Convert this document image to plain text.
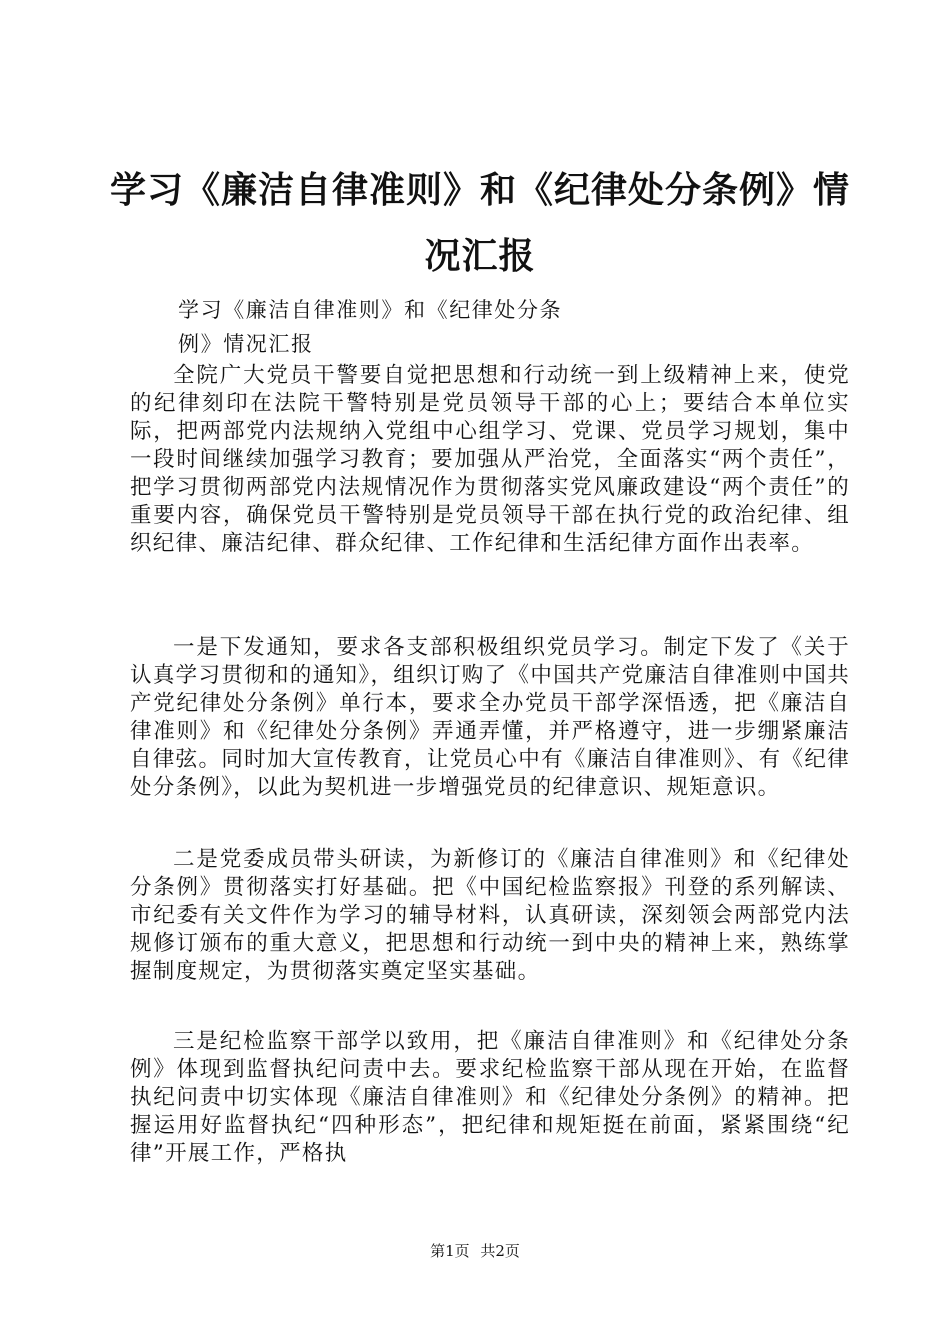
学习《廉洁自律准则》和《纪律处分条例》情况汇报
学习《廉洁自律准则》和《纪律处分条
例》情况汇报

全院广大党员干警要自觉把思想和行动统一到上级精神上来，使党的纪律刻印在法院干警特别是党员领导干部的心上；要结合本单位实际，把两部党内法规纳入党组中心组学习、党课、党员学习规划，集中一段时间继续加强学习教育；要加强从严治党，全面落实“两个责任”，把学习贯彻两部党内法规情况作为贯彻落实党风廉政建设“两个责任”的重要内容，确保党员干警特别是党员领导干部在执行党的政治纪律、组织纪律、廉洁纪律、群众纪律、工作纪律和生活纪律方面作出表率。

一是下发通知，要求各支部积极组织党员学习。制定下发了《关于认真学习贯彻和的通知》，组织订购了《中国共产党廉洁自律准则中国共产党纪律处分条例》单行本，要求全办党员干部学深悟透，把《廉洁自律准则》和《纪律处分条例》弄通弄懂，并严格遵守，进一步绷紧廉洁自律弦。同时加大宣传教育，让党员心中有《廉洁自律准则》、有《纪律处分条例》，以此为契机进一步增强党员的纪律意识、规矩意识。

二是党委成员带头研读，为新修订的《廉洁自律准则》和《纪律处分条例》贯彻落实打好基础。把《中国纪检监察报》刊登的系列解读、市纪委有关文件作为学习的辅导材料，认真研读，深刻领会两部党内法规修订颁布的重大意义，把思想和行动统一到中央的精神上来，熟练掌握制度规定，为贯彻落实奠定坚实基础。

三是纪检监察干部学以致用，把《廉洁自律准则》和《纪律处分条例》体现到监督执纪问责中去。要求纪检监察干部从现在开始，在监督执纪问责中切实体现《廉洁自律准则》和《纪律处分条例》的精神。把握运用好监督执纪“四种形态”，把纪律和规矩挺在前面，紧紧围绕“纪律”开展工作，严格执

第1页 共2页
